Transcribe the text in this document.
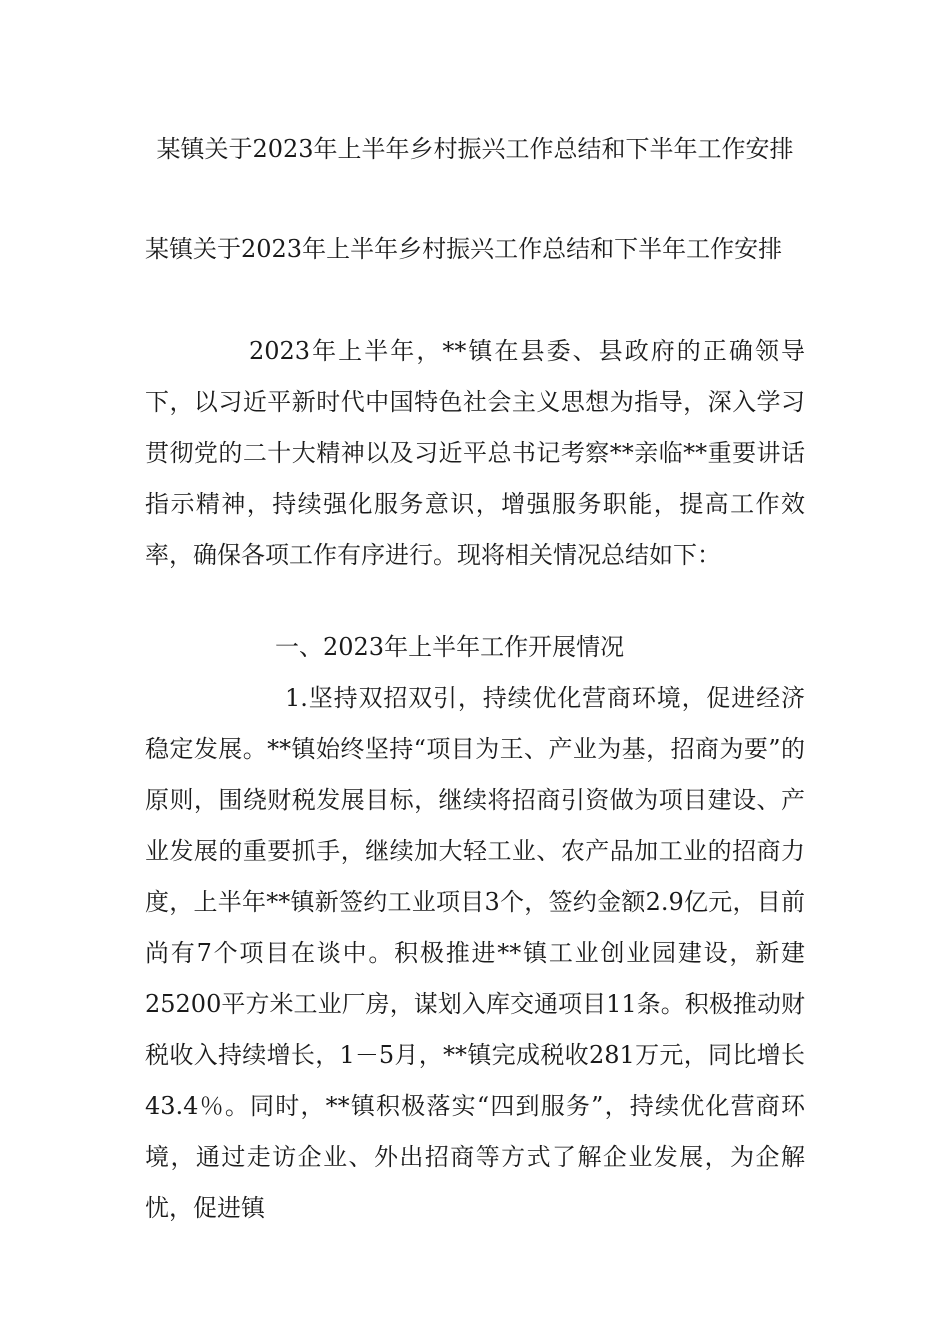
某镇关于2023年上半年乡村振兴工作总结和下半年工作安排
某镇关于2023年上半年乡村振兴工作总结和下半年工作安排

2023年上半年，**镇在县委、县政府的正确领导下，以习近平新时代中国特色社会主义思想为指导，深入学习贯彻党的二十大精神以及习近平总书记考察**亲临**重要讲话指示精神，持续强化服务意识，增强服务职能，提高工作效率，确保各项工作有序进行。现将相关情况总结如下：

一、2023年上半年工作开展情况

1.坚持双招双引，持续优化营商环境，促进经济稳定发展。**镇始终坚持“项目为王、产业为基，招商为要”的原则，围绕财税发展目标，继续将招商引资做为项目建设、产业发展的重要抓手，继续加大轻工业、农产品加工业的招商力度，上半年**镇新签约工业项目3个，签约金额2.9亿元，目前尚有7个项目在谈中。积极推进**镇工业创业园建设，新建25200平方米工业厂房，谋划入库交通项目11条。积极推动财税收入持续增长，1－5月，**镇完成税收281万元，同比增长43.4％。同时，**镇积极落实“四到服务”，持续优化营商环境，通过走访企业、外出招商等方式了解企业发展，为企解忧，促进镇
